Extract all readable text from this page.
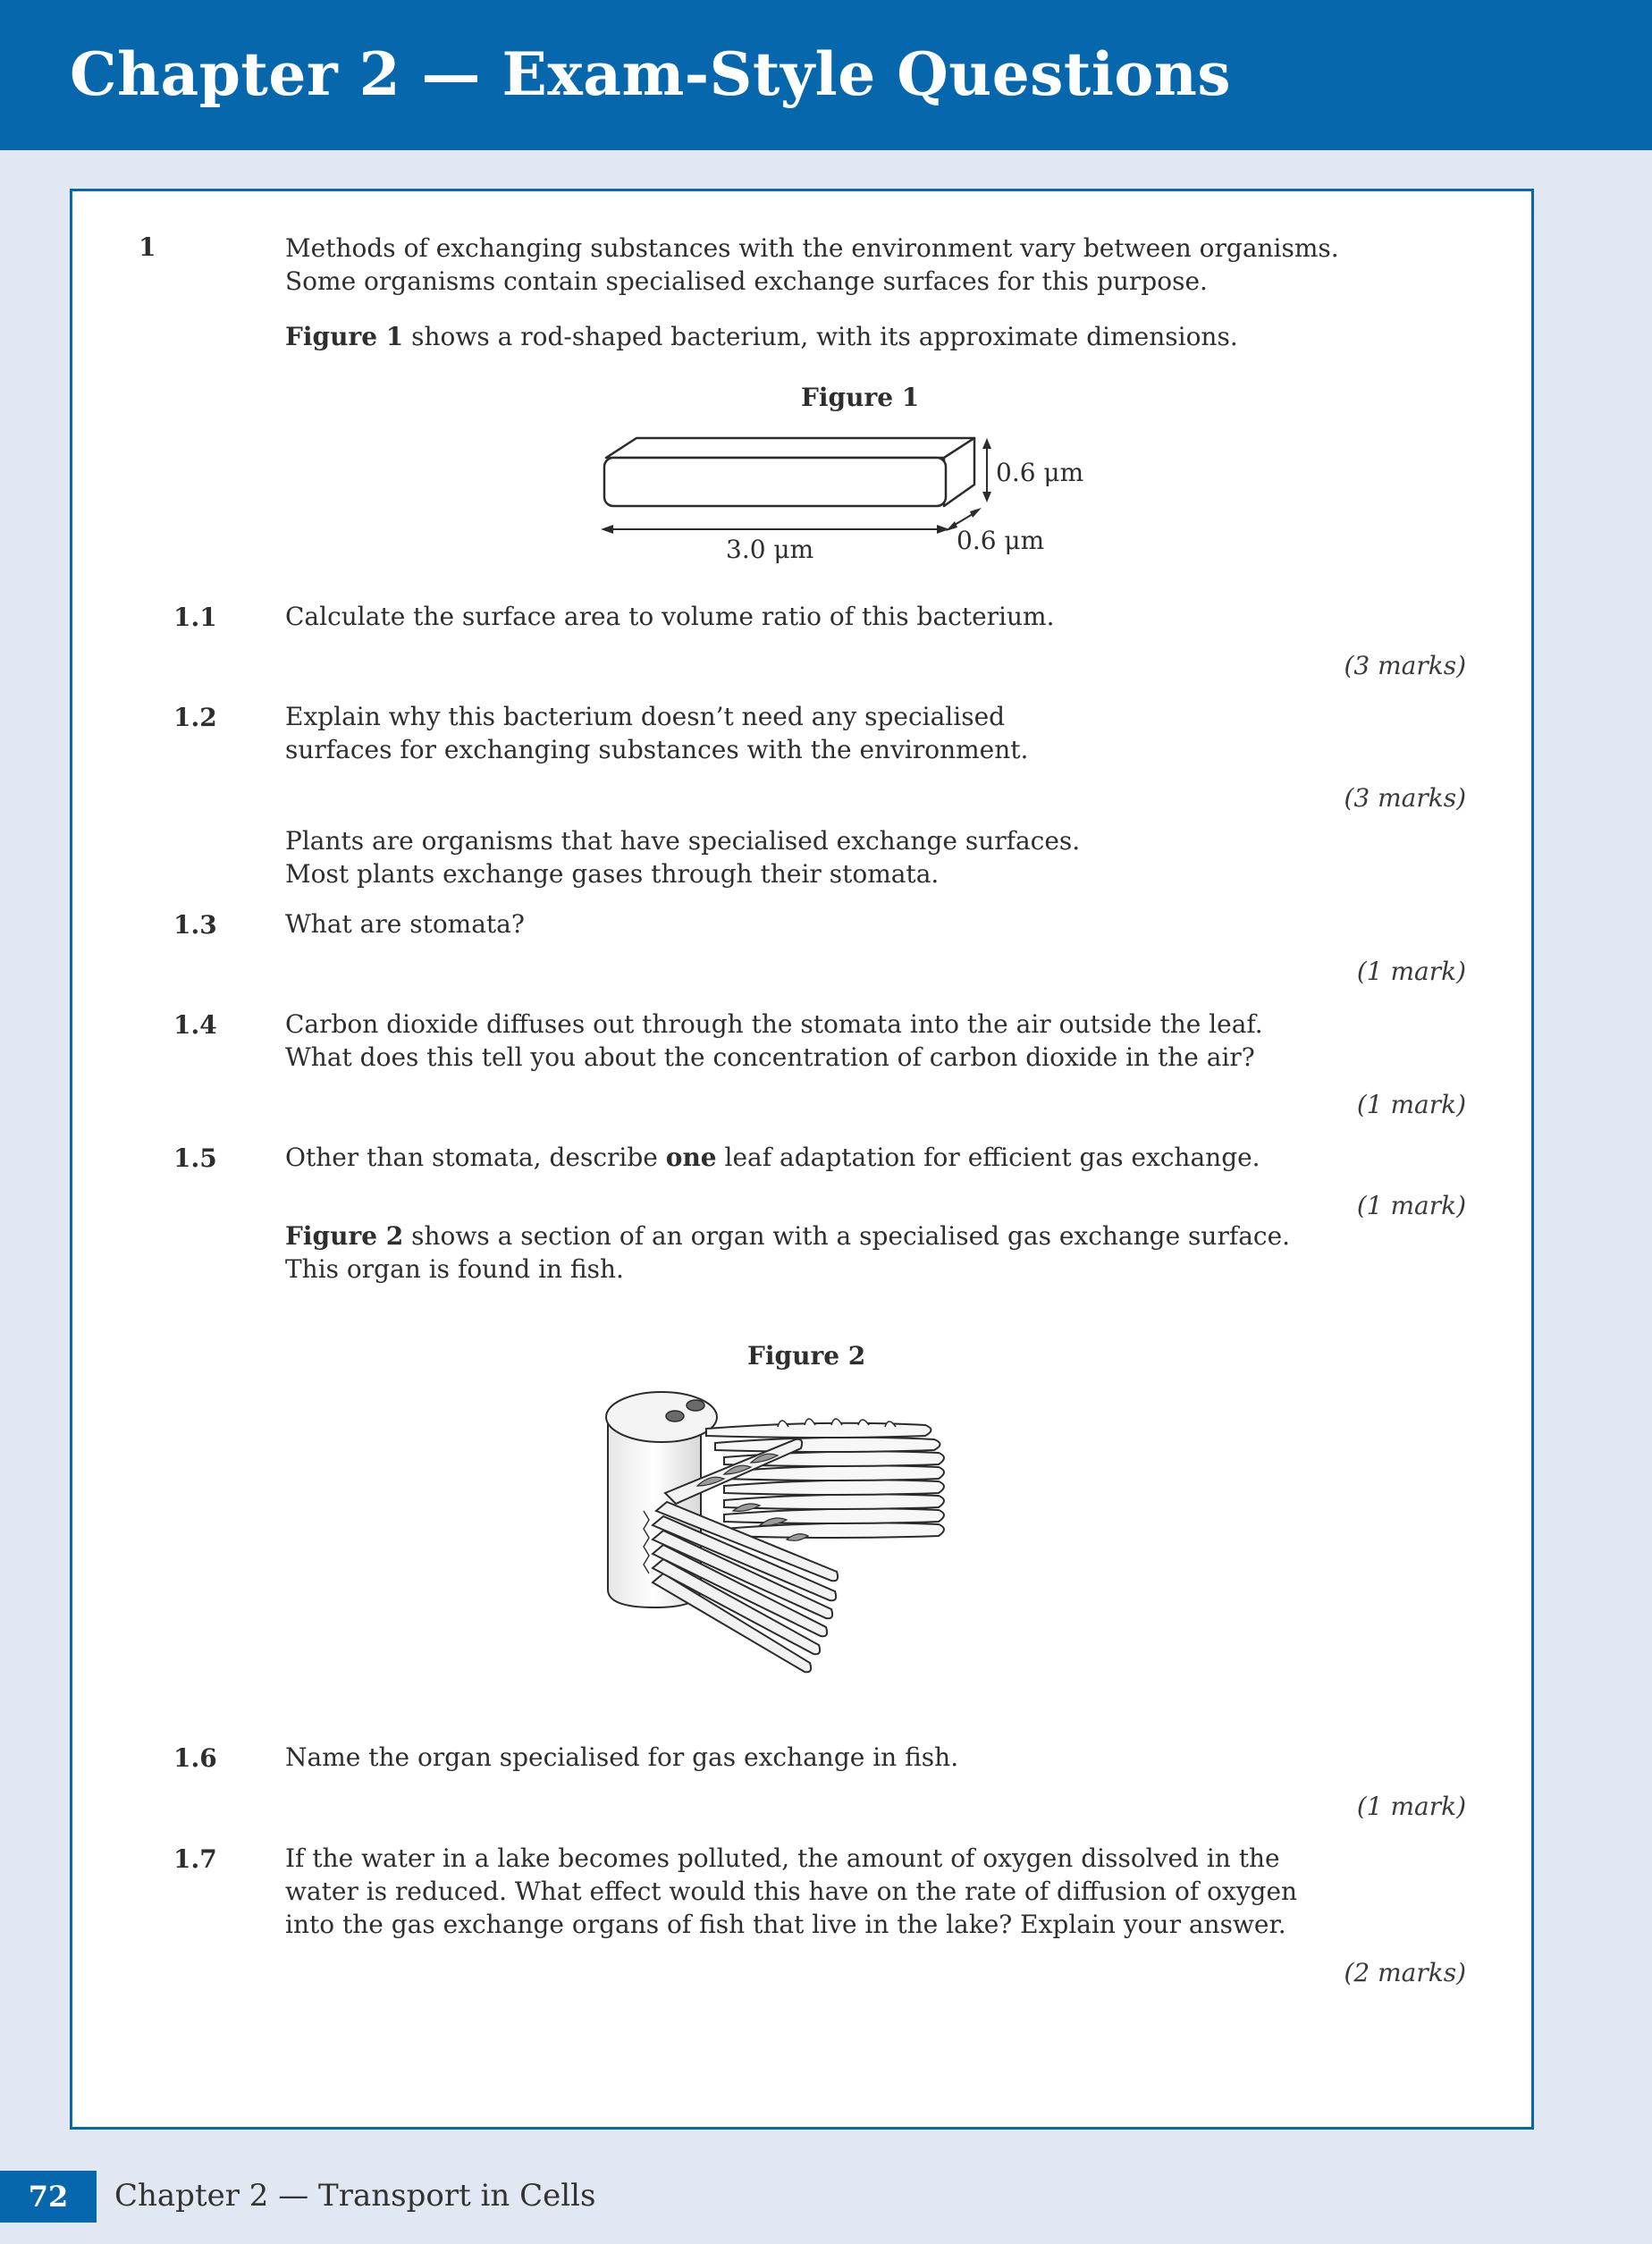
Chapter 2 — Exam-Style Questions
1	Methods of exchanging substances with the environment vary between organisms.
Some organisms contain specialised exchange surfaces for this purpose.
Figure 1 shows a rod-shaped bacterium, with its approximate dimensions.
Figure 1
0.6 μm
0.6 μm
3.0 μm
1.1	Calculate the surface area to volume ratio of this bacterium.
(3 marks)
1.2	Explain why this bacterium doesn’t need any specialised
surfaces for exchanging substances with the environment.
(3 marks)
Plants are organisms that have specialised exchange surfaces.
Most plants exchange gases through their stomata.
1.3	What are stomata?
(1 mark)
1.4	Carbon dioxide diffuses out through the stomata into the air outside the leaf.
What does this tell you about the concentration of carbon dioxide in the air?
(1 mark)
1.5	Other than stomata, describe one leaf adaptation for efficient gas exchange.
(1 mark)
Figure 2 shows a section of an organ with a specialised gas exchange surface.
This organ is found in fish.
Figure 2
1.6	Name the organ specialised for gas exchange in fish.
(1 mark)
1.7	If the water in a lake becomes polluted, the amount of oxygen dissolved in the
water is reduced. What effect would this have on the rate of diffusion of oxygen
into the gas exchange organs of fish that live in the lake? Explain your answer.
(2 marks)
72	Chapter 2 — Transport in Cells
